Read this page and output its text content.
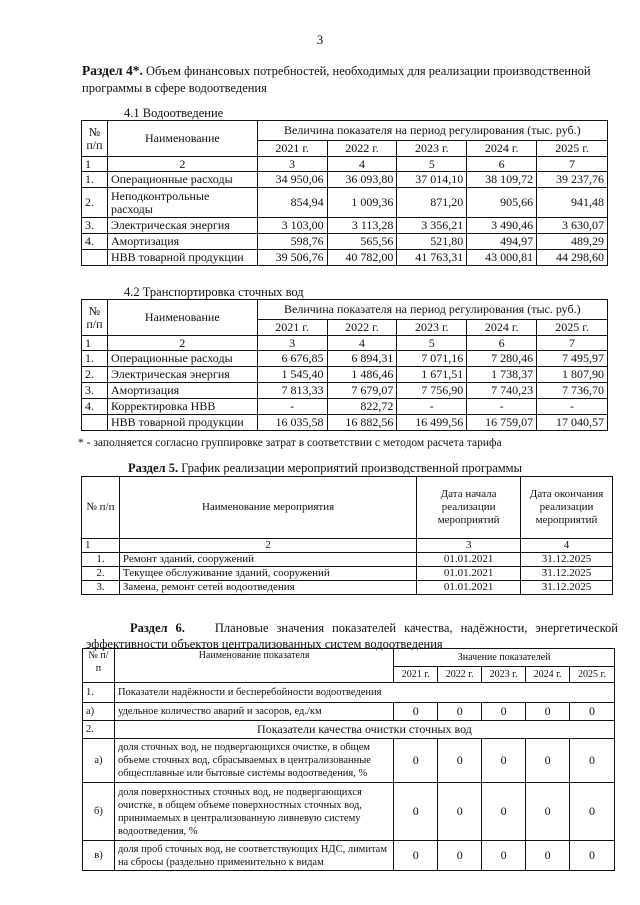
3
Раздел 4*. Объем финансовых потребностей, необходимых для реализации производственной программы в сфере водоотведения
4.1 Водоотведение
№ п/п	Наименование	Величина показателя на период регулирования (тыс. руб.)				
		2021 г.	2022 г.	2023 г.	2024 г.	2025 г.
1	2	3	4	5	6	7
1.	Операционные расходы	34 950,06	36 093,80	37 014,10	38 109,72	39 237,76
2.	Неподконтрольные расходы	854,94	1 009,36	871,20	905,66	941,48
3.	Электрическая энергия	3 103,00	3 113,28	3 356,21	3 490,46	3 630,07
4.	Амортизация	598,76	565,56	521,80	494,97	489,29
	НВВ товарной продукции	39 506,76	40 782,00	41 763,31	43 000,81	44 298,60
4.2 Транспортировка сточных вод
№ п/п	Наименование	Величина показателя на период регулирования (тыс. руб.)				
		2021 г.	2022 г.	2023 г.	2024 г.	2025 г.
1	2	3	4	5	6	7
1.	Операционные расходы	6 676,85	6 894,31	7 071,16	7 280,46	7 495,97
2.	Электрическая энергия	1 545,40	1 486,46	1 671,51	1 738,37	1 807,90
3.	Амортизация	7 813,33	7 679,07	7 756,90	7 740,23	7 736,70
4.	Корректировка НВВ	-	822,72	-	-	-
	НВВ товарной продукции	16 035,58	16 882,56	16 499,56	16 759,07	17 040,57
* - заполняется согласно группировке затрат в соответствии с методом расчета тарифа
Раздел 5. График реализации мероприятий производственной программы
№ п/п	Наименование мероприятия	Дата начала реализации мероприятий	Дата окончания реализации мероприятий
1	2	3	4
1.	Ремонт зданий, сооружений	01.01.2021	31.12.2025
2.	Текущее обслуживание зданий, сооружений	01.01.2021	31.12.2025
3.	Замена, ремонт сетей водоотведения	01.01.2021	31.12.2025
Раздел 6. Плановые значения показателей качества, надёжности, энергетической эффективности объектов централизованных систем водоотведения
№ п/п	Наименование показателя	Значение показателей				
		2021 г.	2022 г.	2023 г.	2024 г.	2025 г.
1.	Показатели надёжности и бесперебойности водоотведения					
а)	удельное количество аварий и засоров, ед./км	0	0	0	0	0
2.	Показатели качества очистки сточных вод					
а)	доля сточных вод, не подвергающихся очистке, в общем объеме сточных вод, сбрасываемых в централизованные общесплавные или бытовые системы водоотведения, %	0	0	0	0	0
б)	доля поверхностных сточных вод, не подвергающихся очистке, в общем объеме поверхностных сточных вод, принимаемых в централизованную ливневую систему водоотведения, %	0	0	0	0	0
в)	доля проб сточных вод, не соответствующих НДС, лимитам на сбросы (раздельно применительно к видам	0	0	0	0	0
